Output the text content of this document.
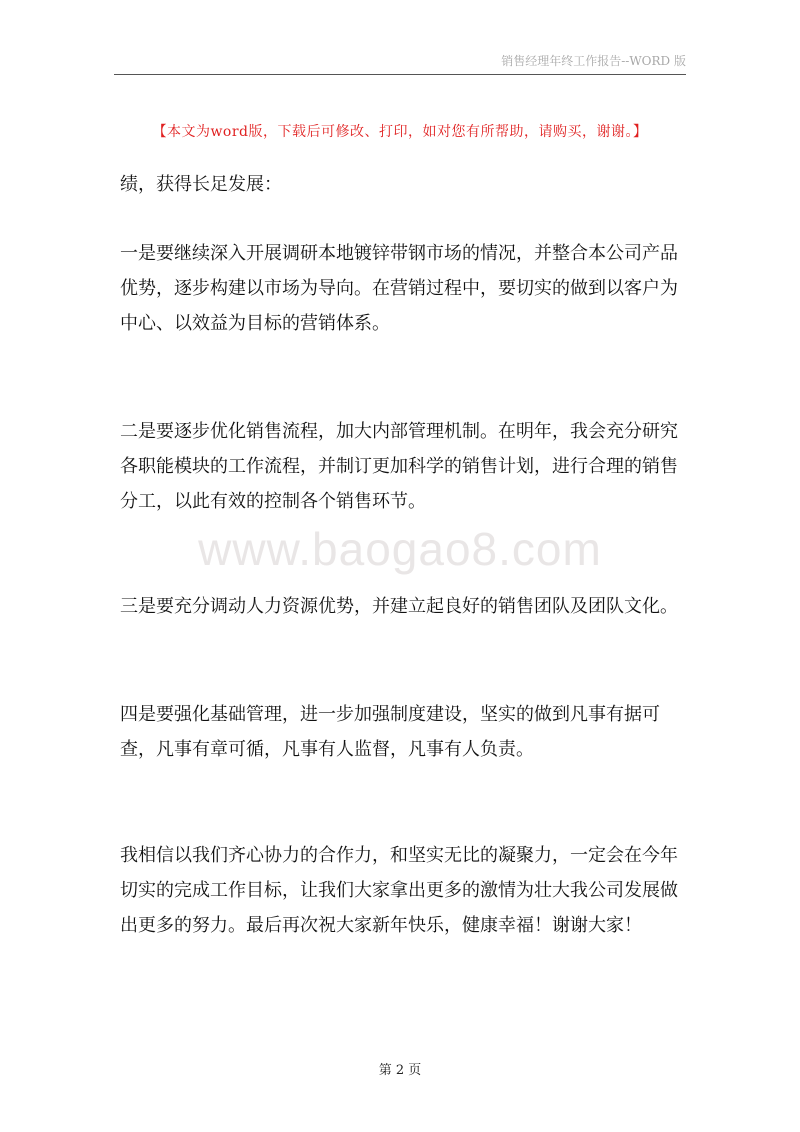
销售经理年终工作报告--WORD 版
【本文为word版，下载后可修改、打印，如对您有所帮助，请购买，谢谢。】
www.baogao8.com

绩，获得长足发展：

一是要继续深入开展调研本地镀锌带钢市场的情况，并整合本公司产品优势，逐步构建以市场为导向。在营销过程中，要切实的做到以客户为中心、以效益为目标的营销体系。

二是要逐步优化销售流程，加大内部管理机制。在明年，我会充分研究各职能模块的工作流程，并制订更加科学的销售计划，进行合理的销售分工，以此有效的控制各个销售环节。

三是要充分调动人力资源优势，并建立起良好的销售团队及团队文化。

四是要强化基础管理，进一步加强制度建设，坚实的做到凡事有据可查，凡事有章可循，凡事有人监督，凡事有人负责。

我相信以我们齐心协力的合作力，和坚实无比的凝聚力，一定会在今年切实的完成工作目标，让我们大家拿出更多的激情为壮大我公司发展做出更多的努力。最后再次祝大家新年快乐，健康幸福！谢谢大家！

第 2 页
